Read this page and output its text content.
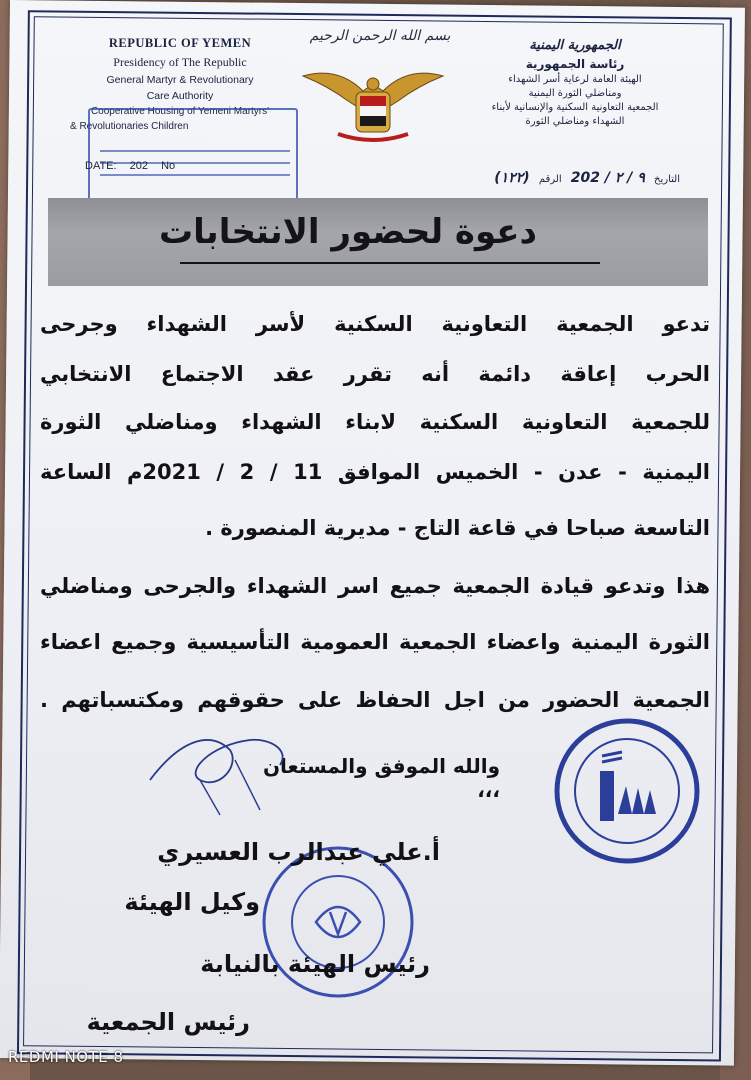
REPUBLIC OF YEMEN
Presidency of The Republic
General Martyr & Revolutionary
Care Authority
Cooperative Housing of Yemeni Martyrs'
& Revolutionaries Children
DATE: 202 No
بسم الله الرحمن الرحيم
الجمهورية اليمنية
رئاسة الجمهورية
الهيئة العامة لرعاية أسر الشهداء
ومناضلي الثورة اليمنية
الجمعية التعاونية السكنية والإنسانية لأبناء
الشهداء ومناضلي الثورة
التاريخ ٩ / ٢ / 202 الرقم (١٢٢)
دعوة لحضور الانتخابات
تدعو الجمعية التعاونية السكنية لأسر الشهداء وجرحى
الحرب إعاقة دائمة أنه تقرر عقد الاجتماع الانتخابي
للجمعية التعاونية السكنية لابناء الشهداء ومناضلي الثورة
اليمنية - عدن - الخميس الموافق 11 / 2 / 2021م الساعة
التاسعة صباحا في قاعة التاج - مديرية المنصورة .
هذا وتدعو قيادة الجمعية جميع اسر الشهداء والجرحى ومناضلي
الثورة اليمنية واعضاء الجمعية العمومية التأسيسية وجميع اعضاء
الجمعية الحضور من اجل الحفاظ على حقوقهم ومكتسباتهم .
والله الموفق والمستعان ،،،
أ.علي عبدالرب العسيري
وكيل الهيئة
رئيس الهيئة بالنيابة
رئيس الجمعية
REDMI NOTE 8
